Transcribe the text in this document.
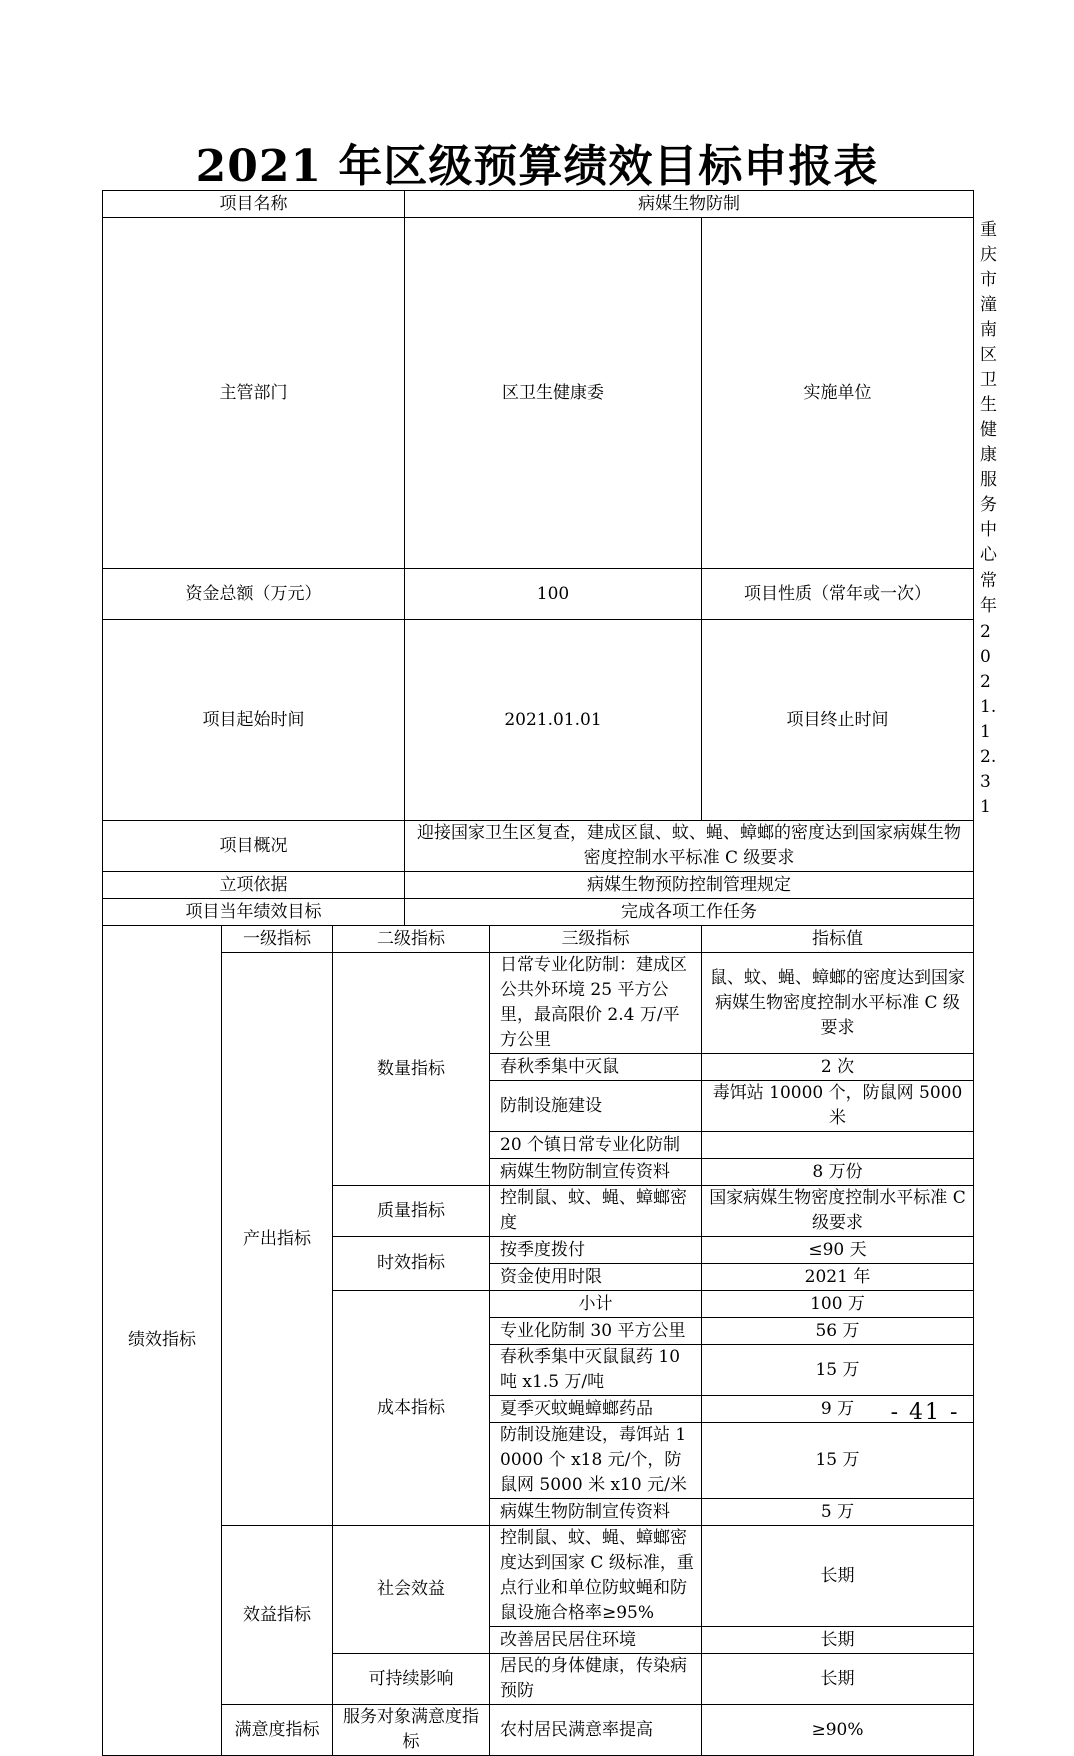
2021 年区级预算绩效目标申报表
项目名称			病媒生物防制			
主管部门			区卫生健康委		实施单位	重庆市潼南区卫生健康服务中心
资金总额（万元）			100		项目性质（常年或一次）	常年
项目起始时间			2021.01.01		项目终止时间	2021.12.31
项目概况			迎接国家卫生区复查，建成区鼠、蚊、蝇、蟑螂的密度达到国家病媒生物密度控制水平标准 C 级要求			
立项依据			病媒生物预防控制管理规定			
项目当年绩效目标			完成各项工作任务			
绩效指标	一级指标	二级指标		三级指标	指标值	
	产出指标	数量指标		日常专业化防制：建成区公共外环境 25 平方公里，最高限价 2.4 万/平方公里	鼠、蚊、蝇、蟑螂的密度达到国家病媒生物密度控制水平标准 C 级要求	
				春秋季集中灭鼠	2 次	
				防制设施建设	毒饵站 10000 个，防鼠网 5000 米	
				20 个镇日常专业化防制		
				病媒生物防制宣传资料	8 万份	
		质量指标		控制鼠、蚊、蝇、蟑螂密度	国家病媒生物密度控制水平标准 C 级要求	
		时效指标		按季度拨付	≤90 天	
				资金使用时限	2021 年	
		成本指标		小计	100 万	
				专业化防制 30 平方公里	56 万	
				春秋季集中灭鼠鼠药 10 吨 x1.5 万/吨	15 万	
				夏季灭蚊蝇蟑螂药品	9 万	
				防制设施建设，毒饵站 10000 个 x18 元/个，防鼠网 5000 米 x10 元/米	15 万	
				病媒生物防制宣传资料	5 万	
	效益指标	社会效益		控制鼠、蚊、蝇、蟑螂密度达到国家 C 级标准，重点行业和单位防蚊蝇和防鼠设施合格率≥95%	长期	
				改善居民居住环境	长期	
		可持续影响		居民的身体健康，传染病预防	长期	
	满意度指标	服务对象满意度指标		农村居民满意率提高	≥90%	
- 41 -
